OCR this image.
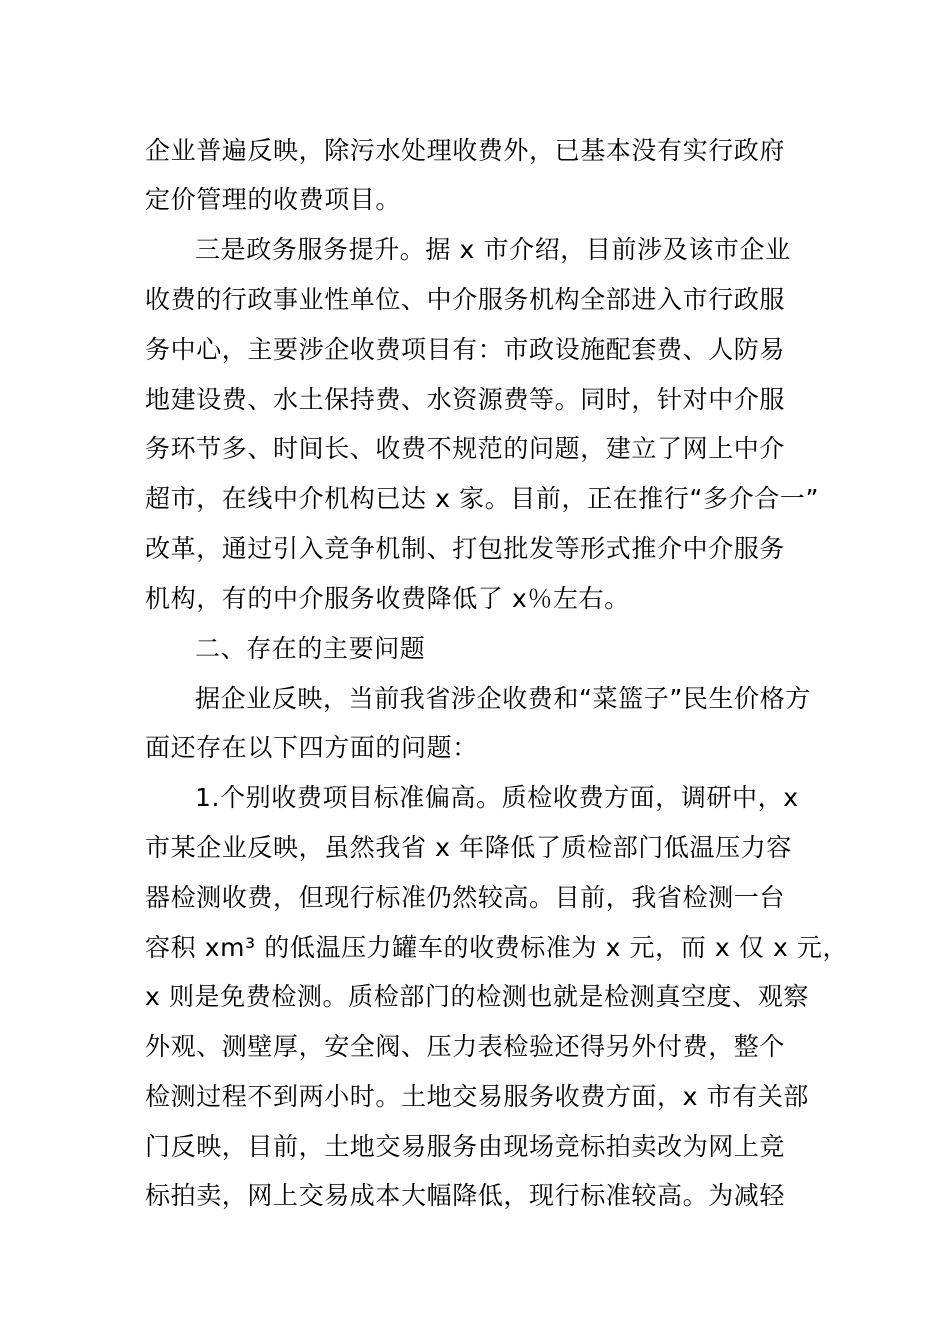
企业普遍反映，除污水处理收费外，已基本没有实行政府
定价管理的收费项目。
三是政务服务提升。据 x 市介绍，目前涉及该市企业
收费的行政事业性单位、中介服务机构全部进入市行政服
务中心，主要涉企收费项目有：市政设施配套费、人防易
地建设费、水土保持费、水资源费等。同时，针对中介服
务环节多、时间长、收费不规范的问题，建立了网上中介
超市，在线中介机构已达 x 家。目前，正在推行“多介合一”
改革，通过引入竞争机制、打包批发等形式推介中介服务
机构，有的中介服务收费降低了 x％左右。
二、存在的主要问题
据企业反映，当前我省涉企收费和“菜篮子”民生价格方
面还存在以下四方面的问题：
1.个别收费项目标准偏高。质检收费方面，调研中，x
市某企业反映，虽然我省 x 年降低了质检部门低温压力容
器检测收费，但现行标准仍然较高。目前，我省检测一台
容积 xm³ 的低温压力罐车的收费标准为 x 元，而 x 仅 x 元，
x 则是免费检测。质检部门的检测也就是检测真空度、观察
外观、测壁厚，安全阀、压力表检验还得另外付费，整个
检测过程不到两小时。土地交易服务收费方面，x 市有关部
门反映，目前，土地交易服务由现场竞标拍卖改为网上竞
标拍卖，网上交易成本大幅降低，现行标准较高。为减轻
